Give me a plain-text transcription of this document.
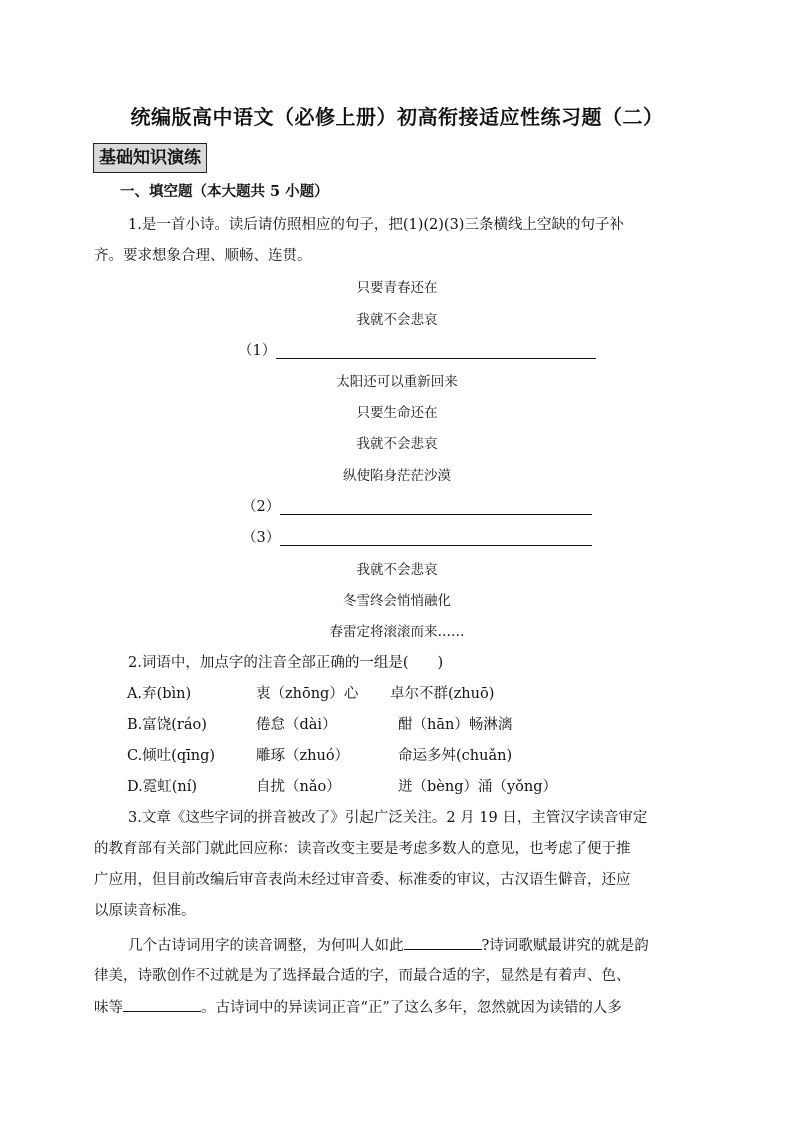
统编版高中语文（必修上册）初高衔接适应性练习题（二）
基础知识演练
一、填空题（本大题共 5 小题）
1.是一首小诗。读后请仿照相应的句子，把(1)(2)(3)三条横线上空缺的句子补
齐。要求想象合理、顺畅、连贯。
只要青春还在
我就不会悲哀
（1）
太阳还可以重新回来
只要生命还在
我就不会悲哀
纵使陷身茫茫沙漠
（2）
（3）
我就不会悲哀
冬雪终会悄悄融化
春雷定将滚滚而来……
2.词语中，加点字的注音全部正确的一组是(　　)
A.弃(bìn)	衷（zhōng）心 卓尔不群(zhuō)
B.富饶(ráo)	倦怠（dài）	酣（hān）畅淋漓
C.倾吐(qīng)	雕琢（zhuó）	命运多舛(chuǎn)
D.霓虹(ní)	自扰（nǎo）	迸（bèng）涌（yǒng）
3.文章《这些字词的拼音被改了》引起广泛关注。2 月 19 日，主管汉字读音审定
的教育部有关部门就此回应称：读音改变主要是考虑多数人的意见，也考虑了便于推
广应用，但目前改编后审音表尚未经过审音委、标准委的审议，古汉语生僻音，还应
以原读音标准。
几个古诗词用字的读音调整，为何叫人如此	?诗词歌赋最讲究的就是韵
律美，诗歌创作不过就是为了选择最合适的字，而最合适的字，显然是有着声、色、
味等	。古诗词中的异读词正音“正”了这么多年，忽然就因为读错的人多
